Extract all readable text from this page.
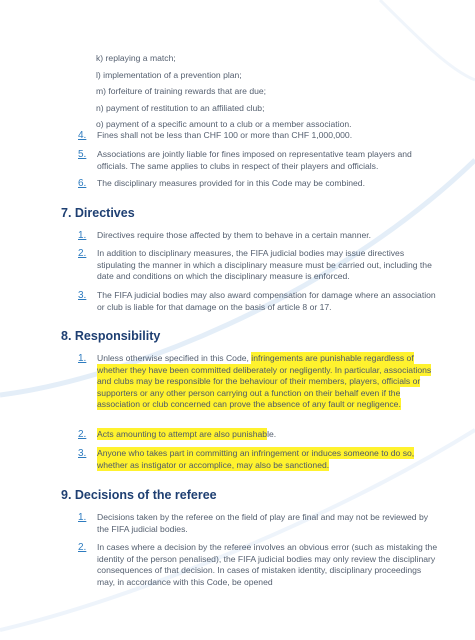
k) replaying a match;
l) implementation of a prevention plan;
m) forfeiture of training rewards that are due;
n) payment of restitution to an affiliated club;
o) payment of a specific amount to a club or a member association.
4.	Fines shall not be less than CHF 100 or more than CHF 1,000,000.
5.	Associations are jointly liable for fines imposed on representative team players and officials. The same applies to clubs in respect of their players and officials.
6.	The disciplinary measures provided for in this Code may be combined.
7. Directives
1.	Directives require those affected by them to behave in a certain manner.
2.	In addition to disciplinary measures, the FIFA judicial bodies may issue directives stipulating the manner in which a disciplinary measure must be carried out, including the date and conditions on which the disciplinary measure is enforced.
3.	The FIFA judicial bodies may also award compensation for damage where an association or club is liable for that damage on the basis of article 8 or 17.
8. Responsibility
1.	Unless otherwise specified in this Code, infringements are punishable regardless of whether they have been committed deliberately or negligently. In particular, associations and clubs may be responsible for the behaviour of their members, players, officials or supporters or any other person carrying out a function on their behalf even if the association or club concerned can prove the absence of any fault or negligence.
2.	Acts amounting to attempt are also punishable.
3.	Anyone who takes part in committing an infringement or induces someone to do so, whether as instigator or accomplice, may also be sanctioned.
9. Decisions of the referee
1.	Decisions taken by the referee on the field of play are final and may not be reviewed by the FIFA judicial bodies.
2.	In cases where a decision by the referee involves an obvious error (such as mistaking the identity of the person penalised), the FIFA judicial bodies may only review the disciplinary consequences of that decision. In cases of mistaken identity, disciplinary proceedings may, in accordance with this Code, be opened
